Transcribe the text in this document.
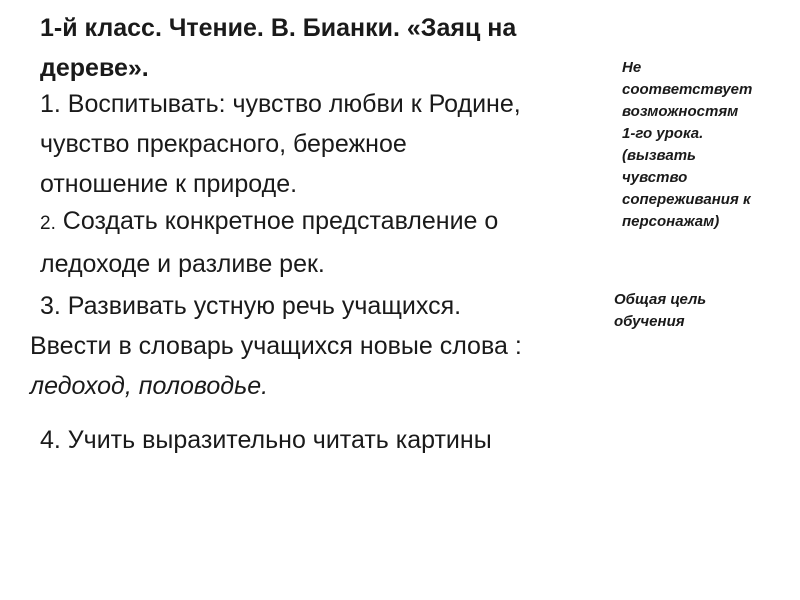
1-й класс. Чтение. В. Бианки. «Заяц на
дереве».
1. Воспитывать: чувство любви к Родине,
чувство прекрасного, бережное
отношение к природе.
2. Создать конкретное представление о
ледоходе и разливе рек.
3. Развивать устную речь учащихся.
Ввести в словарь учащихся новые слова :
ледоход, половодье.
4. Учить выразительно читать картины
Не
соответствует
возможностям
1-го урока.
(вызвать
чувство
сопереживания к
персонажам)
Общая цель
обучения
